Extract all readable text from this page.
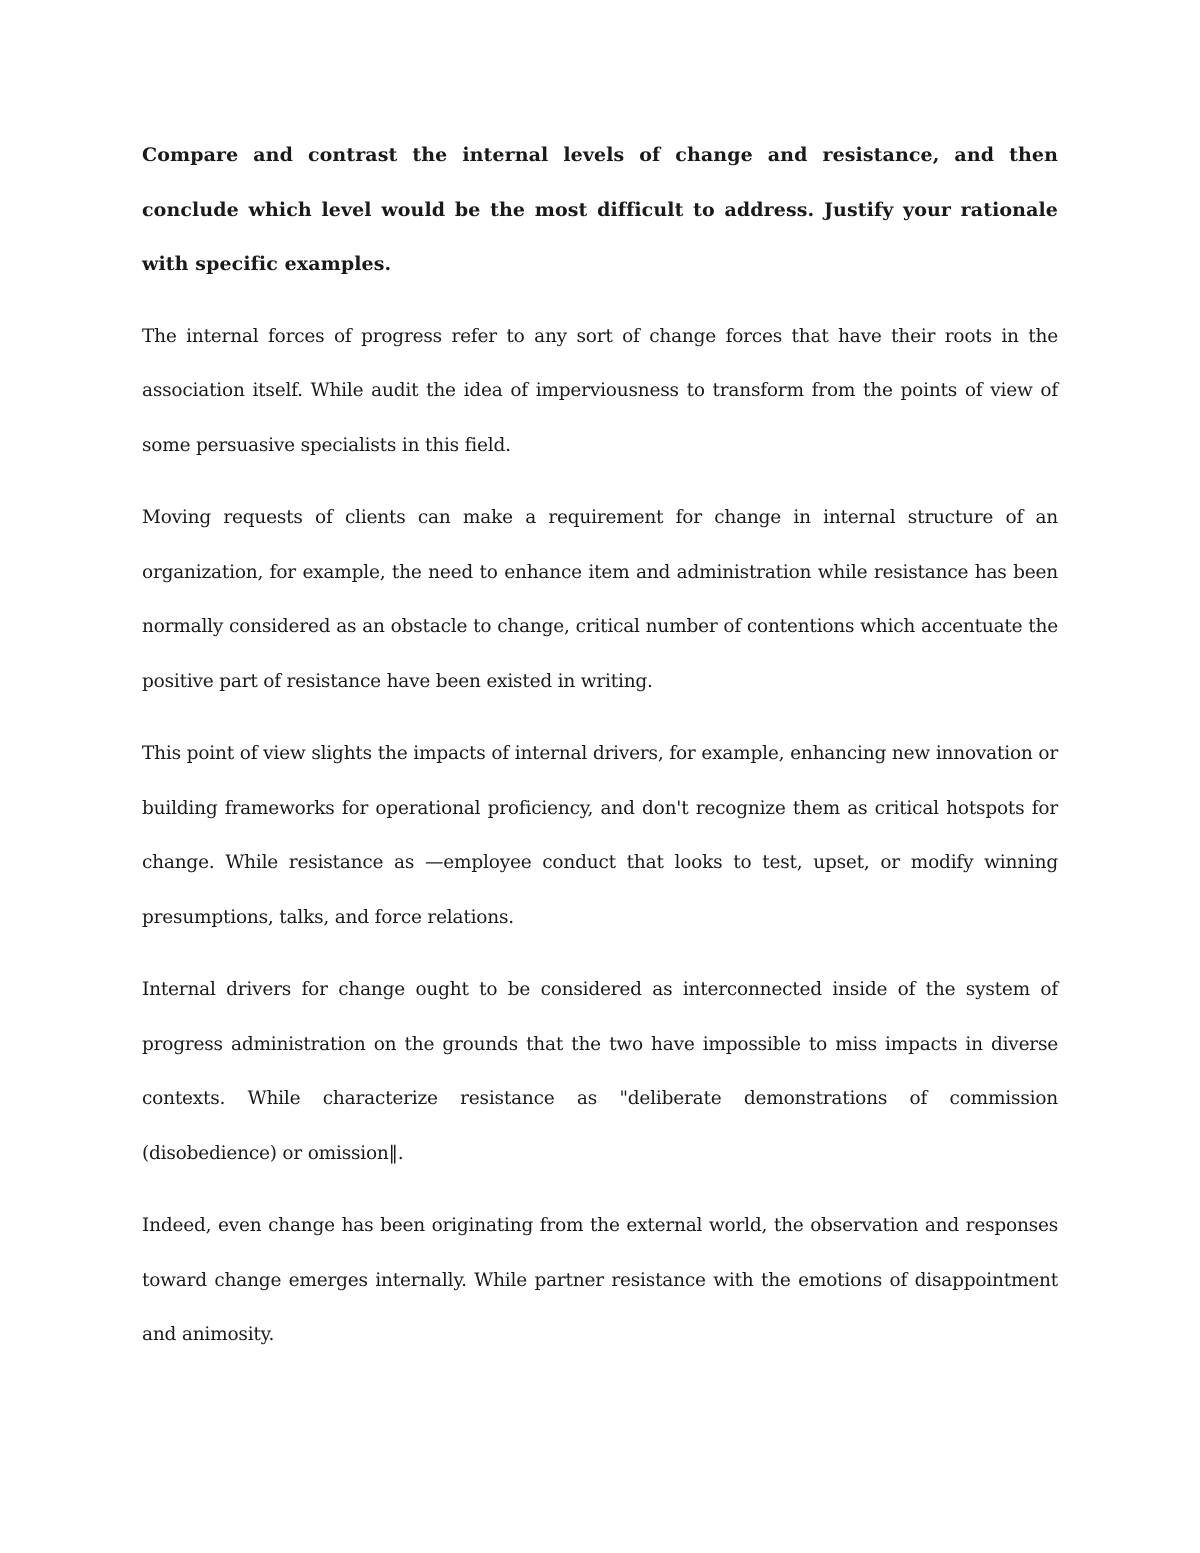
Compare and contrast the internal levels of change and resistance, and then conclude which level would be the most difficult to address. Justify your rationale with specific examples.

The internal forces of progress refer to any sort of change forces that have their roots in the association itself. While audit the idea of imperviousness to transform from the points of view of some persuasive specialists in this field.

Moving requests of clients can make a requirement for change in internal structure of an organization, for example, the need to enhance item and administration while resistance has been normally considered as an obstacle to change, critical number of contentions which accentuate the positive part of resistance have been existed in writing.

This point of view slights the impacts of internal drivers, for example, enhancing new innovation or building frameworks for operational proficiency, and don't recognize them as critical hotspots for change. While resistance as —employee conduct that looks to test, upset, or modify winning presumptions, talks, and force relations.

Internal drivers for change ought to be considered as interconnected inside of the system of progress administration on the grounds that the two have impossible to miss impacts in diverse contexts. While characterize resistance as "deliberate demonstrations of commission (disobedience) or omission‖.

Indeed, even change has been originating from the external world, the observation and responses toward change emerges internally. While partner resistance with the emotions of disappointment and animosity.
